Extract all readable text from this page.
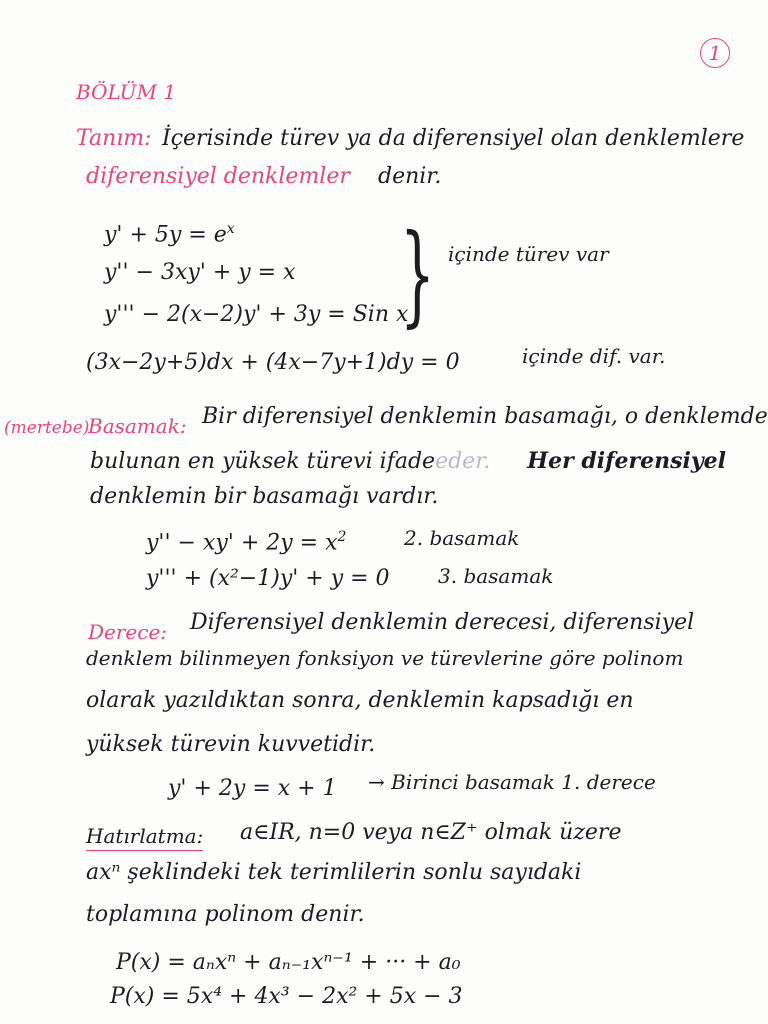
1
BÖLÜM 1
Tanım: İçerisinde türev ya da diferensiyel olan denklemlere
diferensiyel denklemler denir.
$y' + 5y = e^x$
y'' − 3xy' + y = x
y''' − 2(x−2)y' + 3y = Sin x
} içinde türev var
(3x−2y+5)dx + (4x−7y+1)dy = 0	içinde dif. var.
(mertebe)
Basamak: Bir diferensiyel denklemin basamağı, o denklemde
bulunan en yüksek türevi ifadeeder. Her diferensiyel
denklemin bir basamağı vardır.
$y'' - xy' + 2y = x^2$	2. basamak
y''' + (x²−1)y' + y = 0 3. basamak
Derece: Diferensiyel denklemin derecesi, diferensiyel
denklem bilinmeyen fonksiyon ve türevlerine göre polinom
olarak yazıldıktan sonra, denklemin kapsadığı en
yüksek türevin kuvvetidir.
y' + 2y = x + 1 → Birinci basamak 1. derece
Hatırlatma: a∈IR, n=0 veya n∈Z⁺ olmak üzere
axⁿ şeklindeki tek terimlilerin sonlu sayıdaki
toplamına polinom denir.
P(x) = aₙxⁿ + aₙ₋₁xⁿ⁻¹ + ··· + a₀
P(x) = 5x⁴ + 4x³ − 2x² + 5x − 3
